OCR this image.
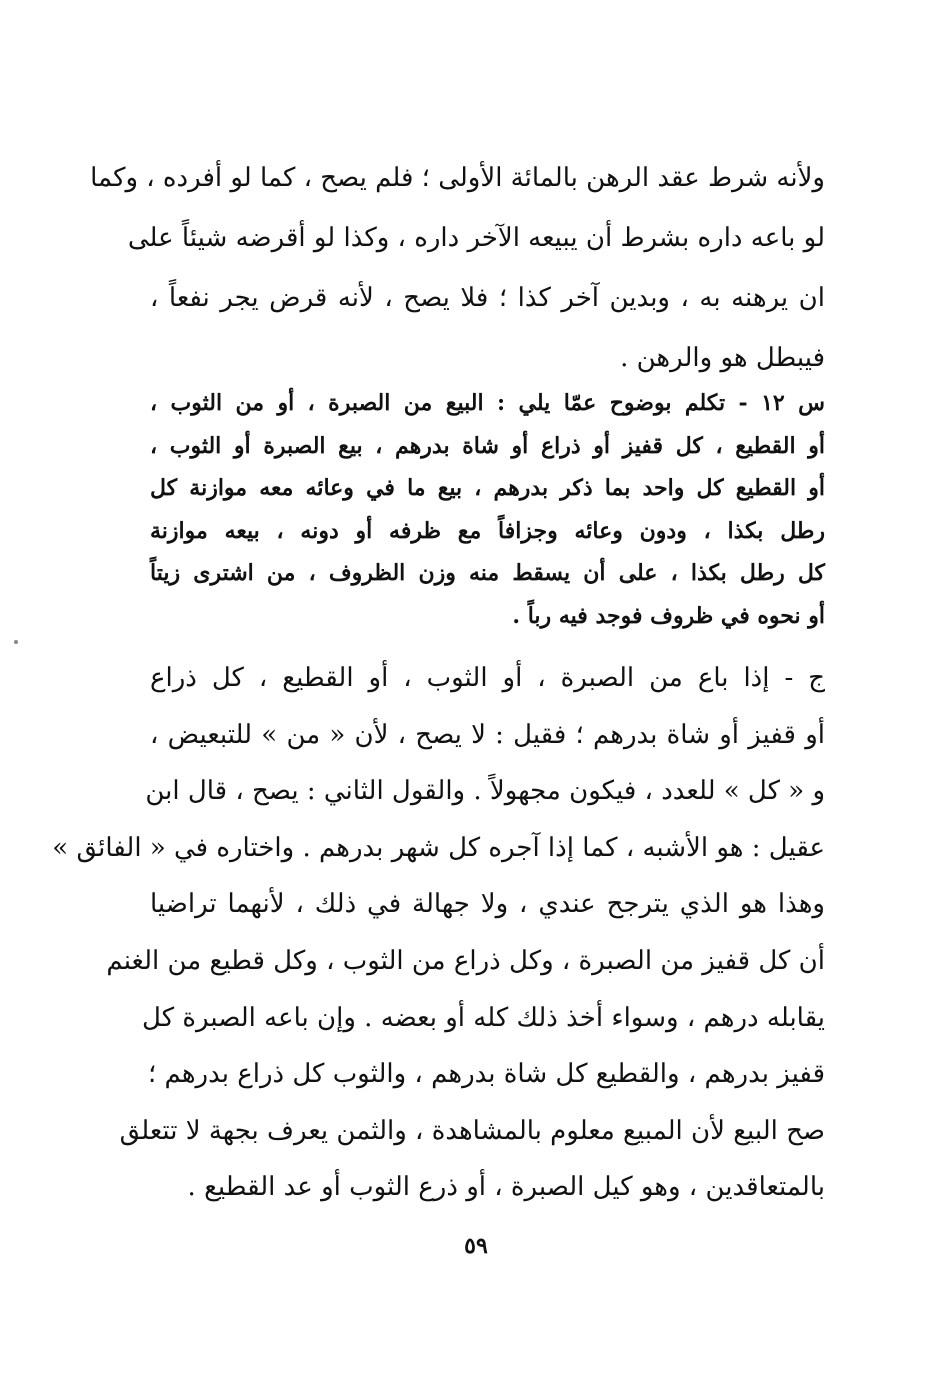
ولأنه شرط عقد الرهن بالمائة الأولى ؛ فلم يصح ، كما لو أفرده ، وكما
لو باعه داره بشرط أن يبيعه الآخر داره ، وكذا لو أقرضه شيئاً على
ان يرهنه به ، وبدين آخر كذا ؛ فلا يصح ، لأنه قرض يجر نفعاً ،
فيبطل هو والرهن .
س ١٢ - تكلم بوضوح عمّا يلي : البيع من الصبرة ، أو من الثوب ،
أو القطيع ، كل قفيز أو ذراع أو شاة بدرهم ، بيع الصبرة أو الثوب ،
أو القطيع كل واحد بما ذكر بدرهم ، بيع ما في وعائه معه موازنة كل
رطل بكذا ، ودون وعائه وجزافاً مع ظرفه أو دونه ، بيعه موازنة
كل رطل بكذا ، على أن يسقط منه وزن الظروف ، من اشترى زيتاً
أو نحوه في ظروف فوجد فيه رباً .
ج - إذا باع من الصبرة ، أو الثوب ، أو القطيع ، كل ذراع
أو قفيز أو شاة بدرهم ؛ فقيل : لا يصح ، لأن « من » للتبعيض ،
و « كل » للعدد ، فيكون مجهولاً . والقول الثاني : يصح ، قال ابن
عقيل : هو الأشبه ، كما إذا آجره كل شهر بدرهم . واختاره في « الفائق »
وهذا هو الذي يترجح عندي ، ولا جهالة في ذلك ، لأنهما تراضيا
أن كل قفيز من الصبرة ، وكل ذراع من الثوب ، وكل قطيع من الغنم
يقابله درهم ، وسواء أخذ ذلك كله أو بعضه . وإن باعه الصبرة كل
قفيز بدرهم ، والقطيع كل شاة بدرهم ، والثوب كل ذراع بدرهم ؛
صح البيع لأن المبيع معلوم بالمشاهدة ، والثمن يعرف بجهة لا تتعلق
بالمتعاقدين ، وهو كيل الصبرة ، أو ذرع الثوب أو عد القطيع .
٥٩
